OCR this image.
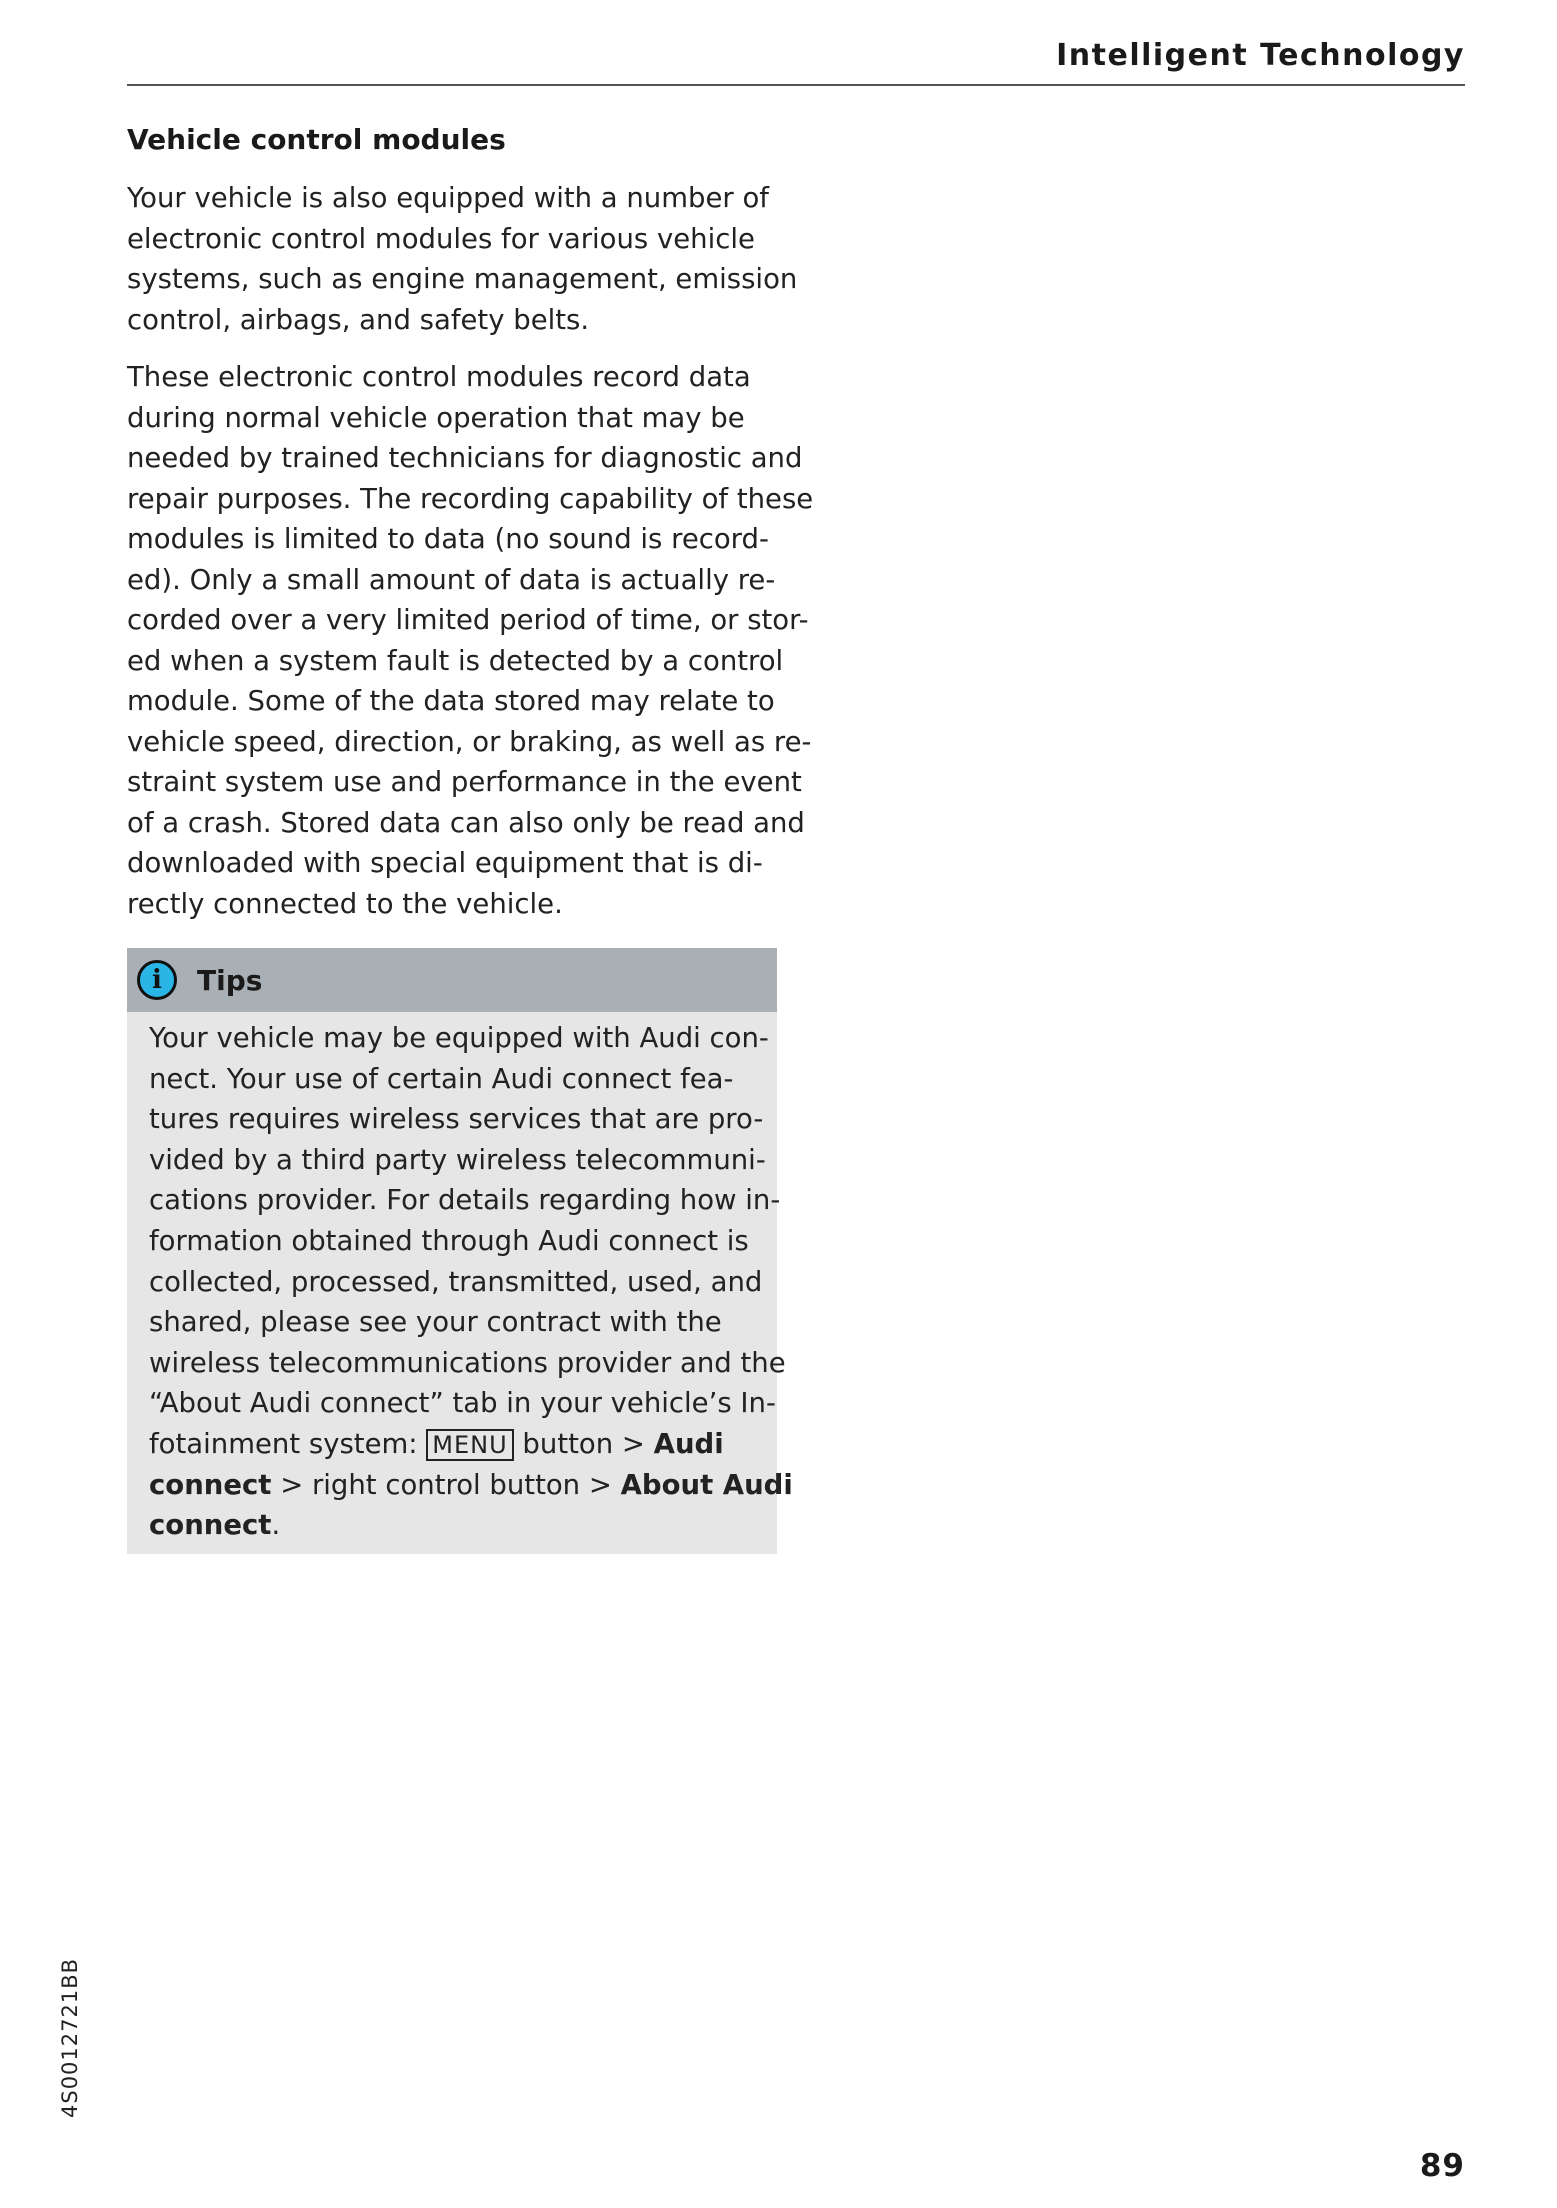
Intelligent Technology
Vehicle control modules

Your vehicle is also equipped with a number of
electronic control modules for various vehicle
systems, such as engine management, emission
control, airbags, and safety belts.

These electronic control modules record data
during normal vehicle operation that may be
needed by trained technicians for diagnostic and
repair purposes. The recording capability of these
modules is limited to data (no sound is record-
ed). Only a small amount of data is actually re-
corded over a very limited period of time, or stor-
ed when a system fault is detected by a control
module. Some of the data stored may relate to
vehicle speed, direction, or braking, as well as re-
straint system use and performance in the event
of a crash. Stored data can also only be read and
downloaded with special equipment that is di-
rectly connected to the vehicle.

i	Tips
Your vehicle may be equipped with Audi con-
nect. Your use of certain Audi connect fea-
tures requires wireless services that are pro-
vided by a third party wireless telecommuni-
cations provider. For details regarding how in-
formation obtained through Audi connect is
collected, processed, transmitted, used, and
shared, please see your contract with the
wireless telecommunications provider and the
“About Audi connect” tab in your vehicle’s In-
fotainment system: MENU button > Audi
connect > right control button > About Audi
connect.
4S0012721BB
89
